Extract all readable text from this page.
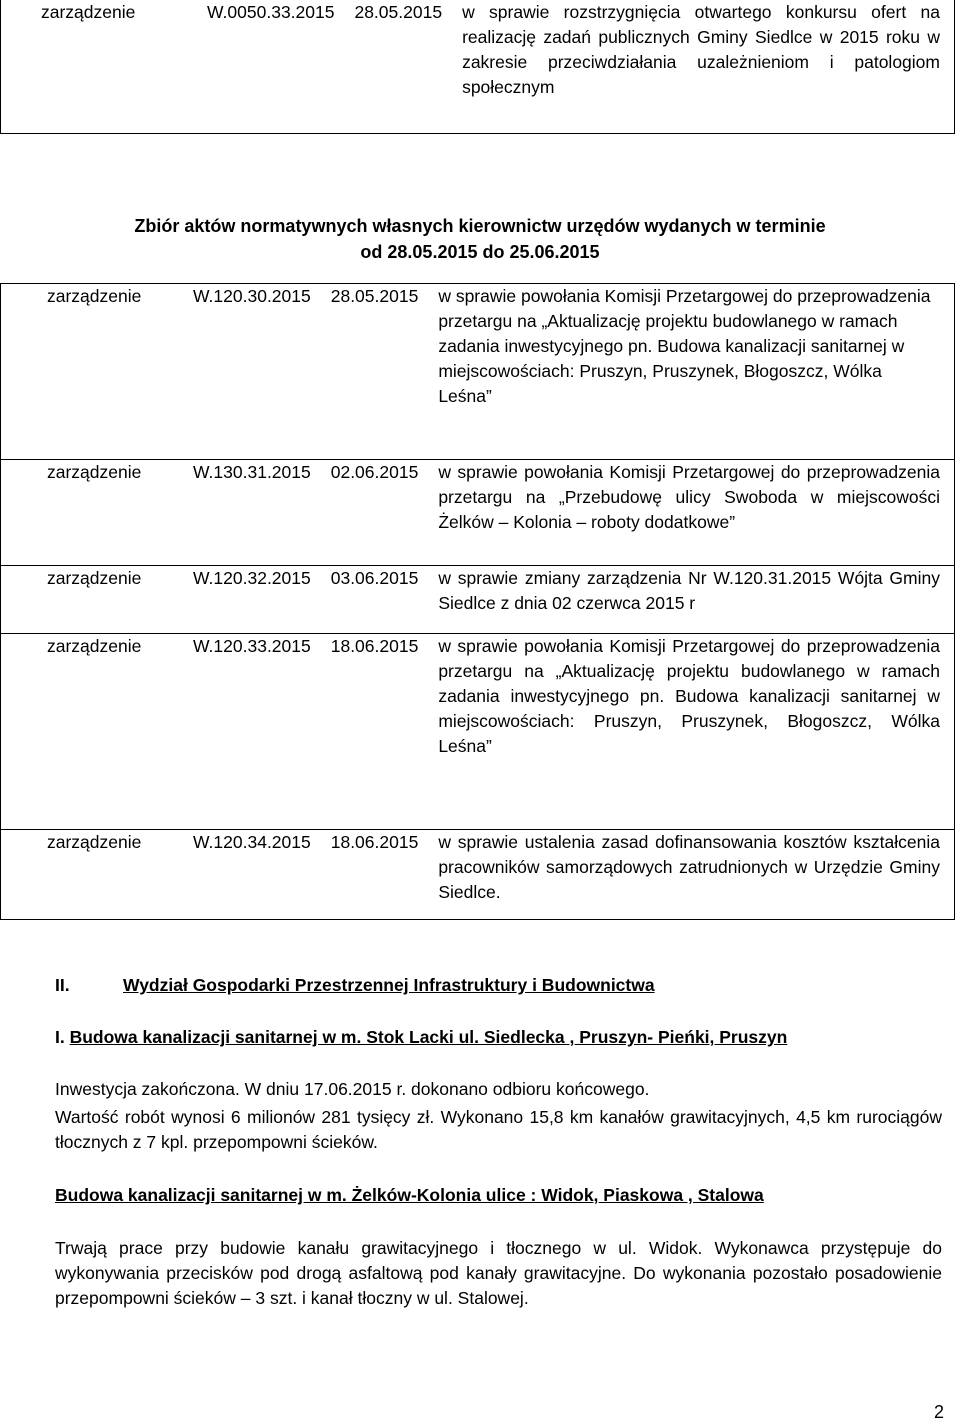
zarządzenie	W.0050.33.2015	28.05.2015	w sprawie rozstrzygnięcia otwartego konkursu ofert na realizację zadań publicznych Gminy Siedlce w 2015 roku w zakresie przeciwdziałania uzależnieniom i patologiom społecznym
Zbiór aktów normatywnych własnych kierownictw urzędów wydanych w terminie
od 28.05.2015 do 25.06.2015
zarządzenie	W.120.30.2015	28.05.2015	w sprawie powołania Komisji Przetargowej do przeprowadzenia przetargu na „Aktualizację projektu budowlanego w ramach zadania inwestycyjnego pn. Budowa kanalizacji sanitarnej w miejscowościach: Pruszyn, Pruszynek, Błogoszcz, Wólka Leśna”
zarządzenie	W.130.31.2015	02.06.2015	w sprawie powołania Komisji Przetargowej do przeprowadzenia przetargu na „Przebudowę ulicy Swoboda w miejscowości Żelków – Kolonia – roboty dodatkowe”
zarządzenie	W.120.32.2015	03.06.2015	w sprawie zmiany zarządzenia Nr W.120.31.2015 Wójta Gminy Siedlce z dnia 02 czerwca 2015 r
zarządzenie	W.120.33.2015	18.06.2015	w sprawie powołania Komisji Przetargowej do przeprowadzenia przetargu na „Aktualizację projektu budowlanego w ramach zadania inwestycyjnego pn. Budowa kanalizacji sanitarnej w miejscowościach: Pruszyn, Pruszynek, Błogoszcz, Wólka Leśna”
zarządzenie	W.120.34.2015	18.06.2015	w sprawie ustalenia zasad dofinansowania kosztów kształcenia pracowników samorządowych zatrudnionych w Urzędzie Gminy Siedlce.
II.	Wydział Gospodarki Przestrzennej Infrastruktury i Budownictwa
I. Budowa kanalizacji sanitarnej w m. Stok Lacki ul. Siedlecka , Pruszyn- Pieńki, Pruszyn
Inwestycja zakończona. W dniu 17.06.2015 r. dokonano odbioru końcowego.
Wartość robót wynosi 6 milionów 281 tysięcy zł. Wykonano 15,8 km kanałów grawitacyjnych, 4,5 km rurociągów tłocznych z 7 kpl. przepompowni ścieków.
Budowa kanalizacji sanitarnej w m. Żelków-Kolonia ulice : Widok, Piaskowa , Stalowa
Trwają prace przy budowie kanału grawitacyjnego i tłocznego w ul. Widok. Wykonawca przystępuje do wykonywania przecisków pod drogą asfaltową pod kanały grawitacyjne. Do wykonania pozostało posadowienie przepompowni ścieków – 3 szt. i kanał tłoczny w ul. Stalowej.
2
